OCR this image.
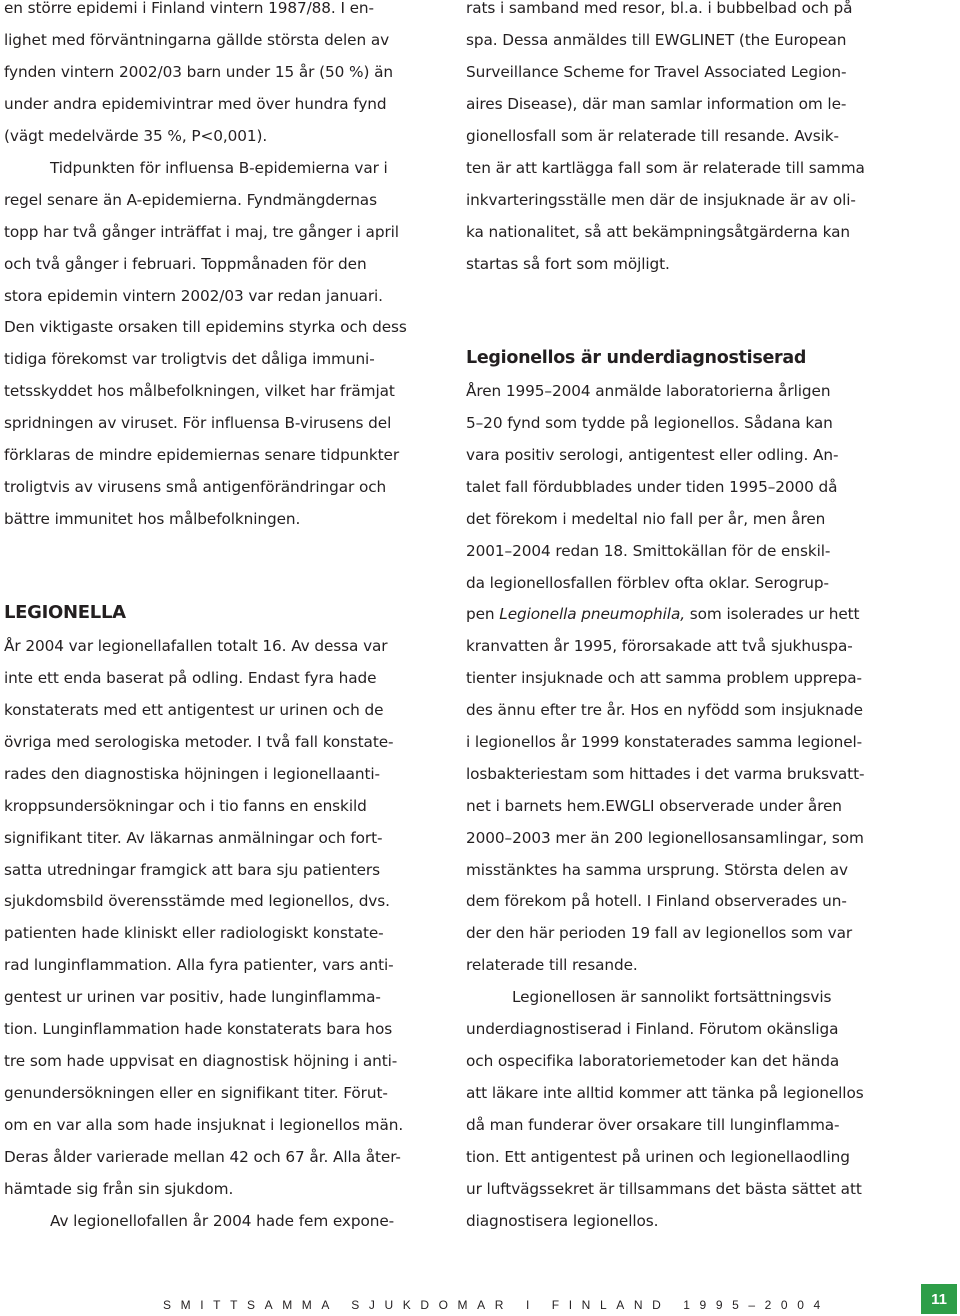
en större epidemi i Finland vintern 1987/88. I en-
lighet med förväntningarna gällde största delen av
fynden vintern 2002/03 barn under 15 år (50 %) än
under andra epidemivintrar med över hundra fynd
(vägt medelvärde 35 %, P<0,001).
Tidpunkten för influensa B-epidemierna var i
regel senare än A-epidemierna. Fyndmängdernas
topp har två gånger inträffat i maj, tre gånger i april
och två gånger i februari. Toppmånaden för den
stora epidemin vintern 2002/03 var redan januari.
Den viktigaste orsaken till epidemins styrka och dess
tidiga förekomst var troligtvis det dåliga immuni-
tetsskyddet hos målbefolkningen, vilket har främjat
spridningen av viruset. För influensa B-virusens del
förklaras de mindre epidemiernas senare tidpunkter
troligtvis av virusens små antigenförändringar och
bättre immunitet hos målbefolkningen.
LEGIONELLA
År 2004 var legionellafallen totalt 16. Av dessa var
inte ett enda baserat på odling. Endast fyra hade
konstaterats med ett antigentest ur urinen och de
övriga med serologiska metoder. I två fall konstate-
rades den diagnostiska höjningen i legionellaanti-
kroppsundersökningar och i tio fanns en enskild
signifikant titer. Av läkarnas anmälningar och fort-
satta utredningar framgick att bara sju patienters
sjukdomsbild överensstämde med legionellos, dvs.
patienten hade kliniskt eller radiologiskt konstate-
rad lunginflammation. Alla fyra patienter, vars anti-
gentest ur urinen var positiv, hade lunginflamma-
tion. Lunginflammation hade konstaterats bara hos
tre som hade uppvisat en diagnostisk höjning i anti-
genundersökningen eller en signifikant titer. Förut-
om en var alla som hade insjuknat i legionellos män.
Deras ålder varierade mellan 42 och 67 år. Alla åter-
hämtade sig från sin sjukdom.
Av legionellofallen år 2004 hade fem expone-
rats i samband med resor, bl.a. i bubbelbad och på
spa. Dessa anmäldes till EWGLINET (the European
Surveillance Scheme for Travel Associated Legion-
aires Disease), där man samlar information om le-
gionellosfall som är relaterade till resande. Avsik-
ten är att kartlägga fall som är relaterade till samma
inkvarteringsställe men där de insjuknade är av oli-
ka nationalitet, så att bekämpningsåtgärderna kan
startas så fort som möjligt.
Legionellos är underdiagnostiserad
Åren 1995–2004 anmälde laboratorierna årligen
5–20 fynd som tydde på legionellos. Sådana kan
vara positiv serologi, antigentest eller odling. An-
talet fall fördubblades under tiden 1995–2000 då
det förekom i medeltal nio fall per år, men åren
2001–2004 redan 18. Smittokällan för de enskil-
da legionellosfallen förblev ofta oklar. Serogrup-
pen Legionella pneumophila, som isolerades ur hett
kranvatten år 1995, förorsakade att två sjukhuspa-
tienter insjuknade och att samma problem upprepa-
des ännu efter tre år. Hos en nyfödd som insjuknade
i legionellos år 1999 konstaterades samma legionel-
losbakteriestam som hittades i det varma bruksvatt-
net i barnets hem.EWGLI observerade under åren
2000–2003 mer än 200 legionellosansamlingar, som
misstänktes ha samma ursprung. Största delen av
dem förekom på hotell. I Finland observerades un-
der den här perioden 19 fall av legionellos som var
relaterade till resande.
Legionellosen är sannolikt fortsättningsvis
underdiagnostiserad i Finland. Förutom okänsliga
och ospecifika laboratoriemetoder kan det hända
att läkare inte alltid kommer att tänka på legionellos
då man funderar över orsakare till lunginflamma-
tion. Ett antigentest på urinen och legionellaodling
ur luftvägssekret är tillsammans det bästa sättet att
diagnostisera legionellos.
SMITTSAMMA SJUKDOMAR I FINLAND 1995–2004	11
